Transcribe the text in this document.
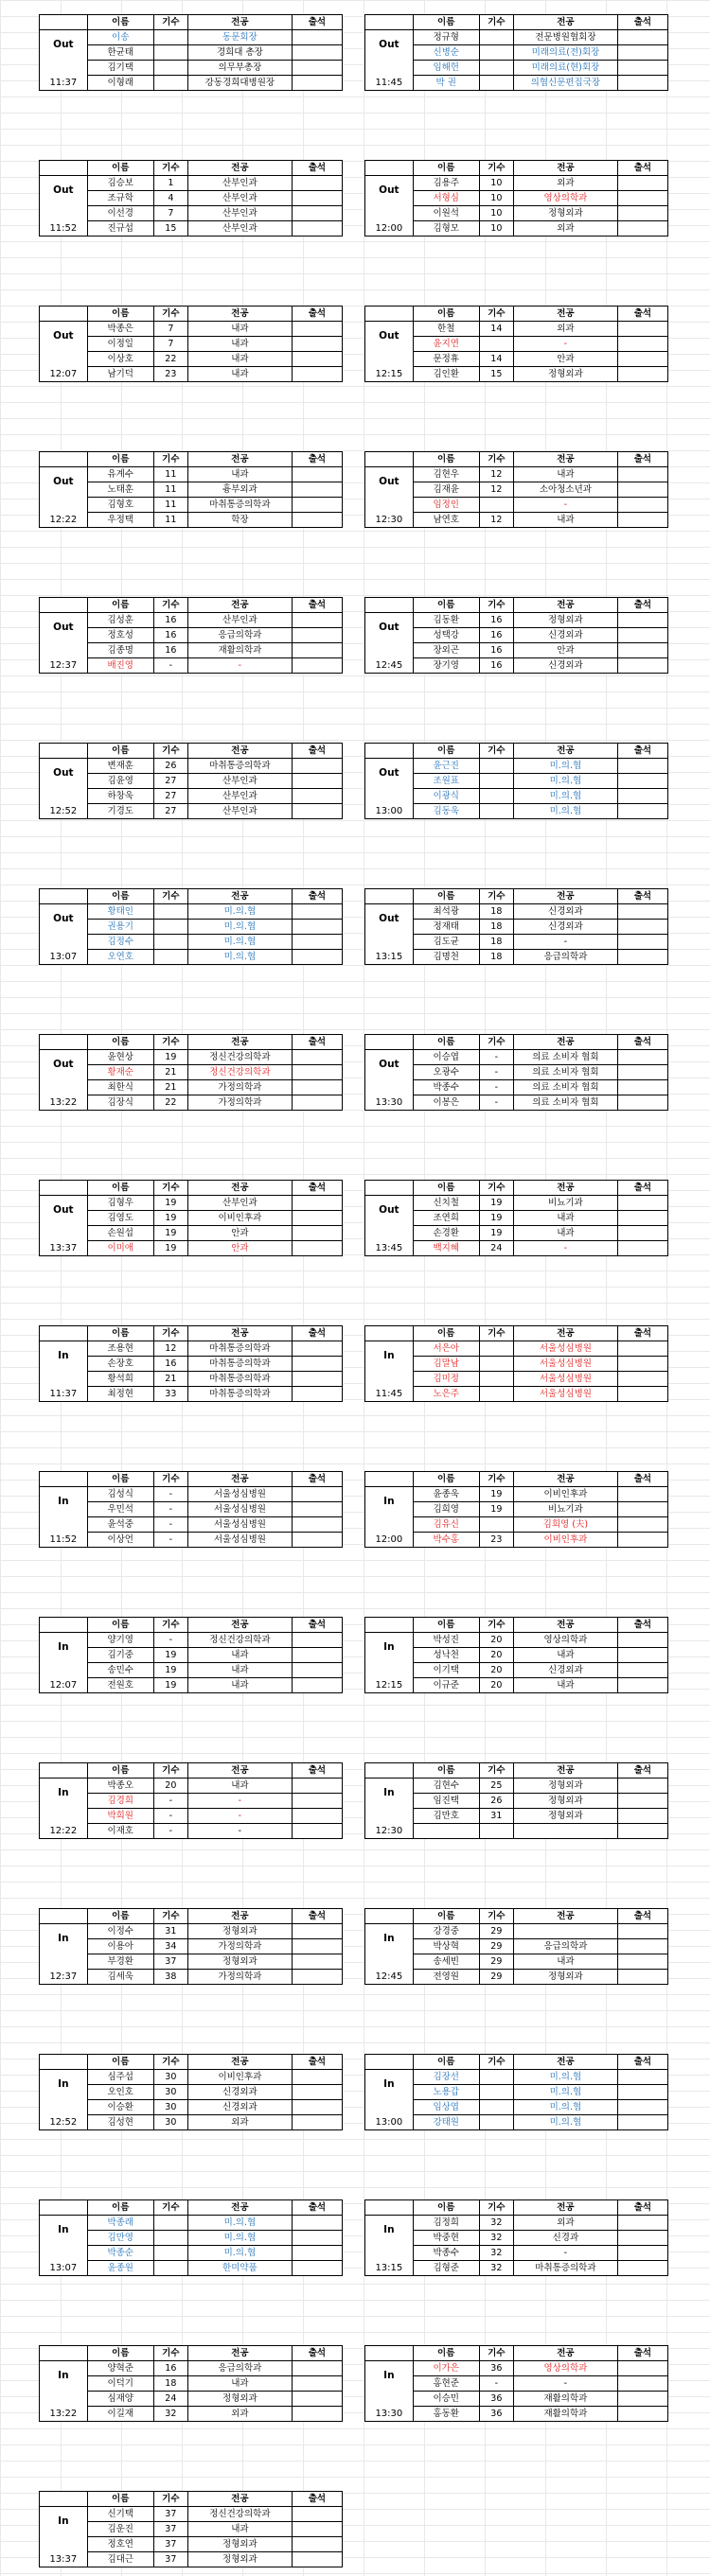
	이름	기수	전공	출석
Out	이송		동문회장	
	한균태		경희대 총장	
11:37	김기택		의무부총장	
	이형래		강동경희대병원장	
	이름	기수	전공	출석
Out	정규형		전문병원협회장	
	신병순		미래의료(전)회장	
11:45	임해헌		미래의료(현)회장	
	박 권		의협신문편집국장	
	이름	기수	전공	출석
Out	김승보	1	산부인과	
	조규학	4	산부인과	
11:52	이선경	7	산부인과	
	진규섭	15	산부인과	
	이름	기수	전공	출석
Out	김용주	10	외과	
	서형심	10	영상의학과	
12:00	이원석	10	정형외과	
	김형모	10	외과	
	이름	기수	전공	출석
Out	박종은	7	내과	
	이정일	7	내과	
12:07	이상호	22	내과	
	남기덕	23	내과	
	이름	기수	전공	출석
Out	한철	14	외과	
	윤지연		-	
12:15	문정휴	14	안과	
	김인환	15	정형외과	
	이름	기수	전공	출석
Out	유계수	11	내과	
	노태훈	11	흉부외과	
12:22	김형호	11	마취통증의학과	
	우정택	11	학장	
	이름	기수	전공	출석
Out	김현우	12	내과	
	김재윤	12	소아청소년과	
12:30	임정인		-	
	남연호	12	내과	
	이름	기수	전공	출석
Out	김성훈	16	산부인과	
	정호성	16	응급의학과	
12:37	김종명	16	재활의학과	
	배진영	-	-	
	이름	기수	전공	출석
Out	김동환	16	정형외과	
	성택강	16	신경외과	
12:45	장외곤	16	안과	
	장기영	16	신경외과	
	이름	기수	전공	출석
Out	변재훈	26	마취통증의학과	
	김윤영	27	산부인과	
12:52	하창욱	27	산부인과	
	기경도	27	산부인과	
	이름	기수	전공	출석
Out	윤근진		미.의.협	
	조원표		미.의.협	
13:00	이광식		미.의.협	
	김동욱		미.의.협	
	이름	기수	전공	출석
Out	황태인		미.의.협	
	권용기		미.의.협	
13:07	김정수		미.의.협	
	오연호		미.의.협	
	이름	기수	전공	출석
Out	최석광	18	신경외과	
	정재태	18	신경외과	
13:15	김도균	18	-	
	김명천	18	응급의학과	
	이름	기수	전공	출석
Out	윤현상	19	정신건강의학과	
	황재순	21	정신건강의학과	
13:22	최한식	21	가정의학과	
	김장식	22	가정의학과	
	이름	기수	전공	출석
Out	이승엽	-	의료 소비자 협회	
	오광수	-	의료 소비자 협회	
13:30	박종수	-	의료 소비자 협회	
	이봉은	-	의료 소비자 협회	
	이름	기수	전공	출석
Out	김형우	19	산부인과	
	김영도	19	이비인후과	
13:37	손원섭	19	안과	
	이미애	19	안과	
	이름	기수	전공	출석
Out	신치철	19	비뇨기과	
	조연희	19	내과	
13:45	손경환	19	내과	
	백지혜	24	-	
	이름	기수	전공	출석
In	조용현	12	마취통증의학과	
	손장호	16	마취통증의학과	
11:37	황석희	21	마취통증의학과	
	최정현	33	마취통증의학과	
	이름	기수	전공	출석
In	서은아		서울성심병원	
	김말남		서울성심병원	
11:45	김미정		서울성심병원	
	노은주		서울성심병원	
	이름	기수	전공	출석
In	김성식	-	서울성심병원	
	우민석	-	서울성심병원	
11:52	윤석중	-	서울성심병원	
	이상언	-	서울성심병원	
	이름	기수	전공	출석
In	윤종욱	19	이비인후과	
	김희영	19	비뇨기과	
12:00	김유신		김희영 (夫)	
	박수홍	23	이비인후과	
	이름	기수	전공	출석
In	양기영	-	정신건강의학과	
	김기중	19	내과	
12:07	송민수	19	내과	
	전원호	19	내과	
	이름	기수	전공	출석
In	박성진	20	영상의학과	
	성낙천	20	내과	
12:15	이기택	20	신경외과	
	이규준	20	내과	
	이름	기수	전공	출석
In	박종오	20	내과	
	김경희	-	-	
12:22	박희원	-	-	
	이재호	-	-	
	이름	기수	전공	출석
In	김현수	25	정형외과	
	임진택	26	정형외과	
12:30	김만호	31	정형외과	

	이름	기수	전공	출석
In	이정수	31	정형외과	
	이용아	34	가정의학과	
12:37	부경환	37	정형외과	
	김세욱	38	가정의학과	
	이름	기수	전공	출석
In	강경중	29		
	박상혁	29	응급의학과	
12:45	송세빈	29	내과	
	전영원	29	정형외과	
	이름	기수	전공	출석
In	심주섭	30	이비인후과	
	오인호	30	신경외과	
12:52	이승환	30	신경외과	
	김성현	30	외과	
	이름	기수	전공	출석
In	김장선		미.의.협	
	노용갑		미.의.협	
13:00	임상엽		미.의.협	
	강태원		미.의.협	
	이름	기수	전공	출석
In	박종래		미.의.협	
	김만영		미.의.협	
13:07	박종순		미.의.협	
	윤종원		한미약품	
	이름	기수	전공	출석
In	김정희	32	외과	
	박중현	32	신경과	
13:15	박종수	32	-	
	김형준	32	마취통증의학과	
	이름	기수	전공	출석
In	양혁준	16	응급의학과	
	이덕기	18	내과	
13:22	심재양	24	정형외과	
	이길재	32	외과	
	이름	기수	전공	출석
In	이가은	36	영상의학과	
	홍현준	-	-	
13:30	이승민	36	재활의학과	
	홍동환	36	재활의학과	
	이름	기수	전공	출석
In	신기택	37	정신건강의학과	
	김운진	37	내과	
13:37	정호연	37	정형외과	
	김대근	37	정형외과	
